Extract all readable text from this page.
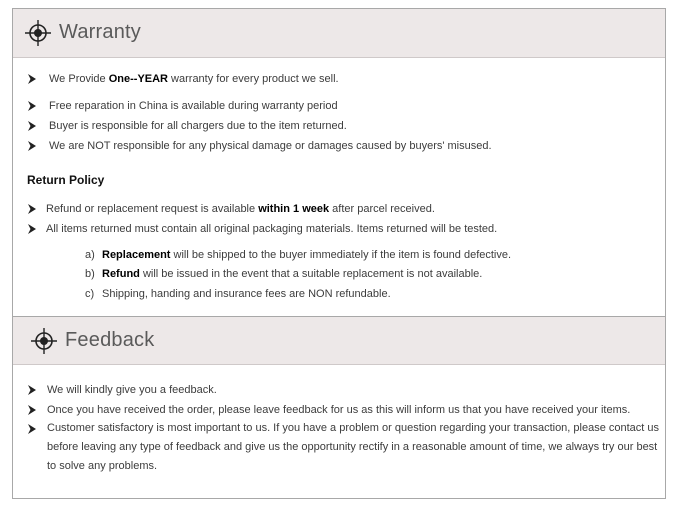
Warranty
We Provide One--YEAR warranty for every product we sell.
Free reparation in China is available during warranty period
Buyer is responsible for all chargers due to the item returned.
We are NOT responsible for any physical damage or damages caused by buyers' misused.
Return Policy
Refund or replacement request is available within 1 week after parcel received.
All items returned must contain all original packaging materials. Items returned will be tested.
a) Replacement will be shipped to the buyer immediately if the item is found defective.
b) Refund will be issued in the event that a suitable replacement is not available.
c) Shipping, handing and insurance fees are NON refundable.
Feedback
We will kindly give you a feedback.
Once you have received the order, please leave feedback for us as this will inform us that you have received your items.
Customer satisfactory is most important to us. If you have a problem or question regarding your transaction, please contact us before leaving any type of feedback and give us the opportunity rectify in a reasonable amount of time, we always try our best to solve any problems.
